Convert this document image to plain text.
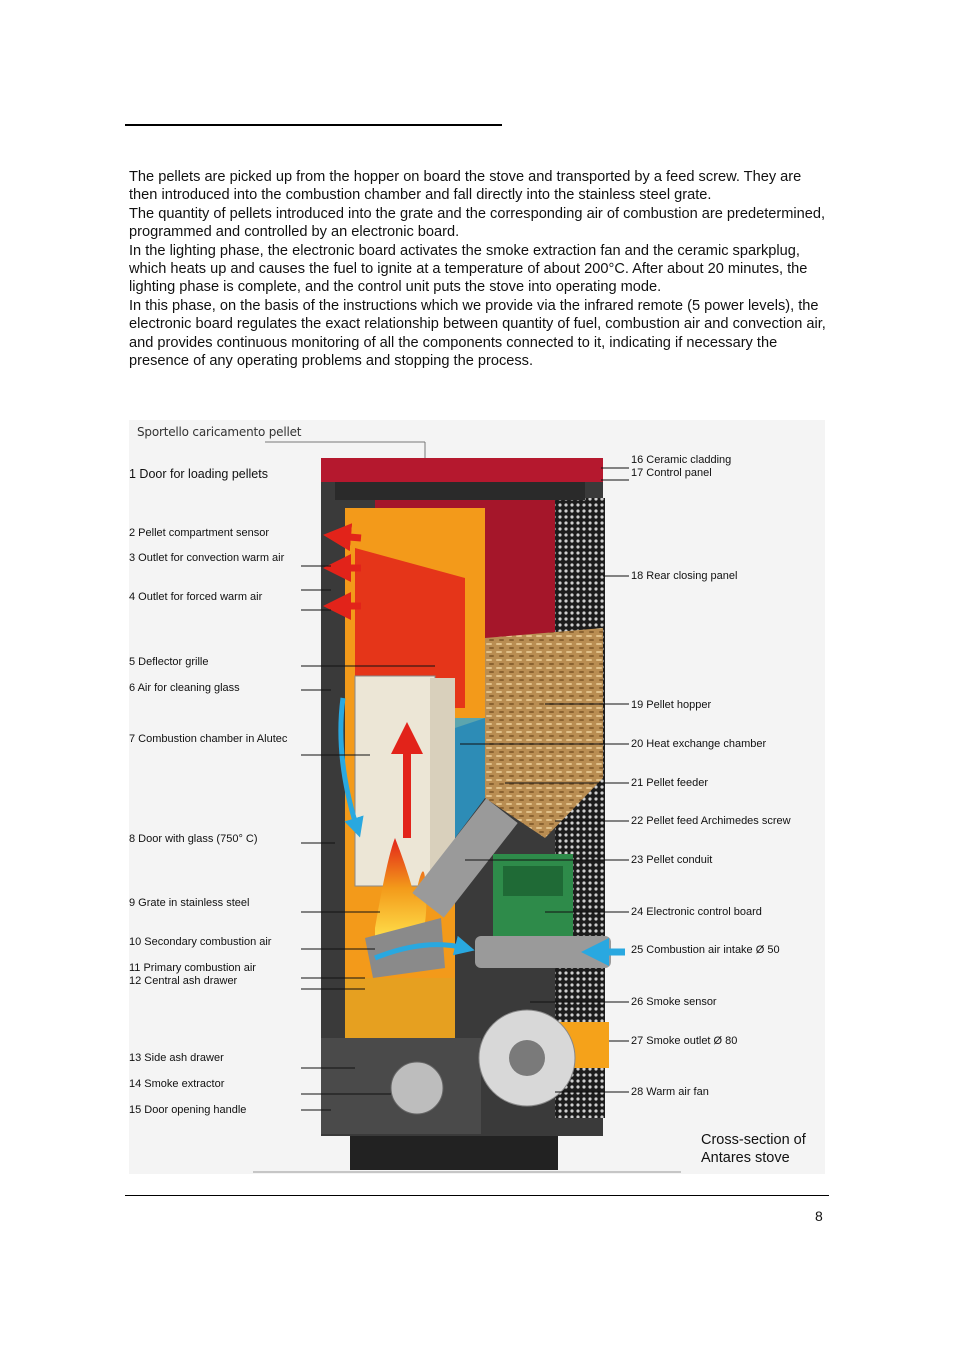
The pellets are picked up from the hopper on board the stove and transported by a feed screw. They are then introduced into the combustion chamber and fall directly into the stainless steel grate.

The quantity of pellets introduced into the grate and the corresponding air of combustion are predetermined, programmed and controlled by an electronic board.

In the lighting phase, the electronic board activates the smoke extraction fan and the ceramic sparkplug, which heats up and causes the fuel to ignite at a temperature of about 200°C. After about 20 minutes, the lighting phase is complete, and the control unit puts the stove into operating mode.

In this phase, on the basis of the instructions which we provide via the infrared remote (5 power levels), the electronic board regulates the exact relationship between quantity of fuel, combustion air and convection air, and provides continuous monitoring of all the components connected to it, indicating if necessary the presence of any operating problems and stopping the process.

Sportello caricamento pellet
1 Door for loading pellets
2 Pellet compartment sensor
3 Outlet for convection warm air
4 Outlet for forced warm air
5 Deflector grille
6 Air for cleaning glass
7 Combustion chamber in Alutec
8 Door with glass (750° C)
9 Grate in stainless steel
10 Secondary combustion air
11 Primary combustion air
12 Central ash drawer
13 Side ash drawer
14 Smoke extractor
15 Door opening handle
16 Ceramic cladding
17 Control panel
18 Rear closing panel
19 Pellet hopper
20 Heat exchange chamber
21 Pellet feeder
22 Pellet feed Archimedes screw
23 Pellet conduit
24 Electronic control board
25 Combustion air intake Ø 50
26 Smoke sensor
27 Smoke outlet Ø 80
28 Warm air fan
Cross-section of
Antares stove
8
